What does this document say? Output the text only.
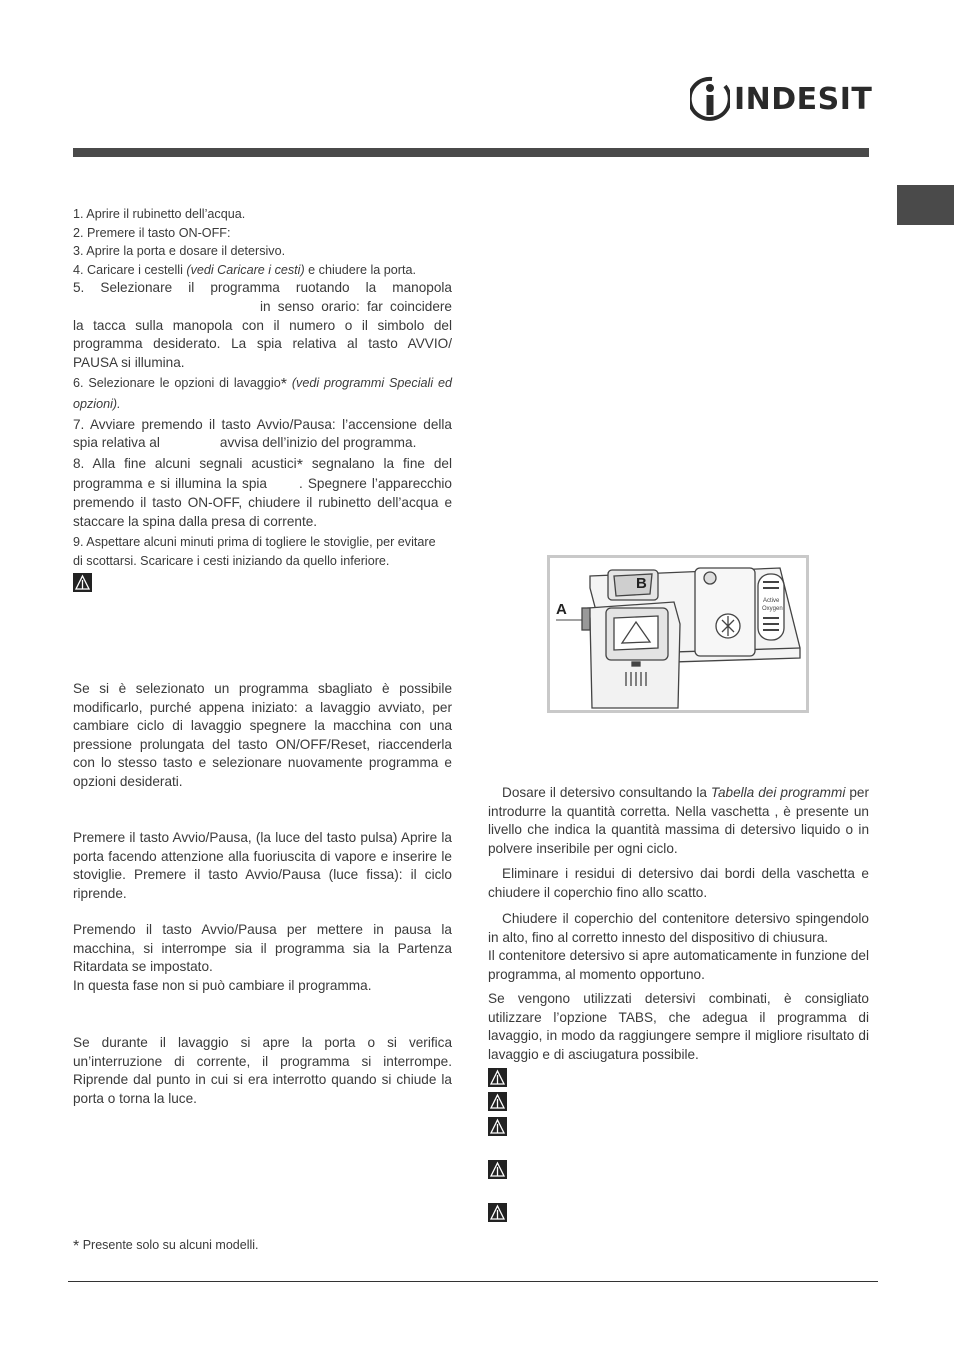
INDESIT

1. Aprire il rubinetto dell’acqua.

2. Premere il tasto ON-OFF:

3. Aprire la porta e dosare il detersivo.

4. Caricare i cestelli (vedi Caricare i cesti) e chiudere la porta.

5. Selezionare il programma ruotando la manopola

in senso orario: far coincidere

la tacca sulla manopola con il numero o il simbolo del programma desiderato. La spia relativa al tasto AVVIO/ PAUSA si illumina.

6. Selezionare le opzioni di lavaggio* (vedi programmi Speciali ed opzioni).

7. Avviare premendo il tasto Avvio/Pausa: l’accensione della spia relativa al	avvisa dell’inizio del programma.

8. Alla fine alcuni segnali acustici* segnalano la fine del programma e si illumina la spia . Spegnere l’apparecchio premendo il tasto ON-OFF, chiudere il rubinetto dell’acqua e staccare la spina dalla presa di corrente.

9. Aspettare alcuni minuti prima di togliere le stoviglie, per evitare

di scottarsi. Scaricare i cesti iniziando da quello inferiore.

Se si è selezionato un programma sbagliato è possibile modificarlo, purché appena iniziato: a lavaggio avviato, per cambiare ciclo di lavaggio spegnere la macchina con una pressione prolungata del tasto ON/OFF/Reset, riaccenderla con lo stesso tasto e selezionare nuovamente programma e opzioni desiderati.

Premere il tasto Avvio/Pausa, (la luce del tasto pulsa) Aprire la porta facendo attenzione alla fuoriuscita di vapore e inserire le stoviglie. Premere il tasto Avvio/Pausa (luce fissa): il ciclo riprende.

Premendo il tasto Avvio/Pausa per mettere in pausa la macchina, si interrompe sia il programma sia la Partenza Ritardata se impostato.

In questa fase non si può cambiare il programma.

Se durante il lavaggio si apre la porta o si verifica un’interruzione di corrente, il programma si interrompe. Riprende dal punto in cui si era interrotto quando si chiude la porta o torna la luce.

* Presente solo su alcuni modelli.
B
A	Active
Oxygen

Dosare il detersivo consultando la Tabella dei programmi per introdurre la quantità corretta. Nella vaschetta , è presente un livello che indica la quantità massima di detersivo liquido o in polvere inseribile per ogni ciclo.

Eliminare i residui di detersivo dai bordi della vaschetta e chiudere il coperchio fino allo scatto.

Chiudere il coperchio del contenitore detersivo spingendolo in alto, fino al corretto innesto del dispositivo di chiusura.

Il contenitore detersivo si apre automaticamente in funzione del programma, al momento opportuno.

Se vengono utilizzati detersivi combinati, è consigliato utilizzare l’opzione TABS, che adegua il programma di lavaggio, in modo da raggiungere sempre il migliore risultato di lavaggio e di asciugatura possibile.
